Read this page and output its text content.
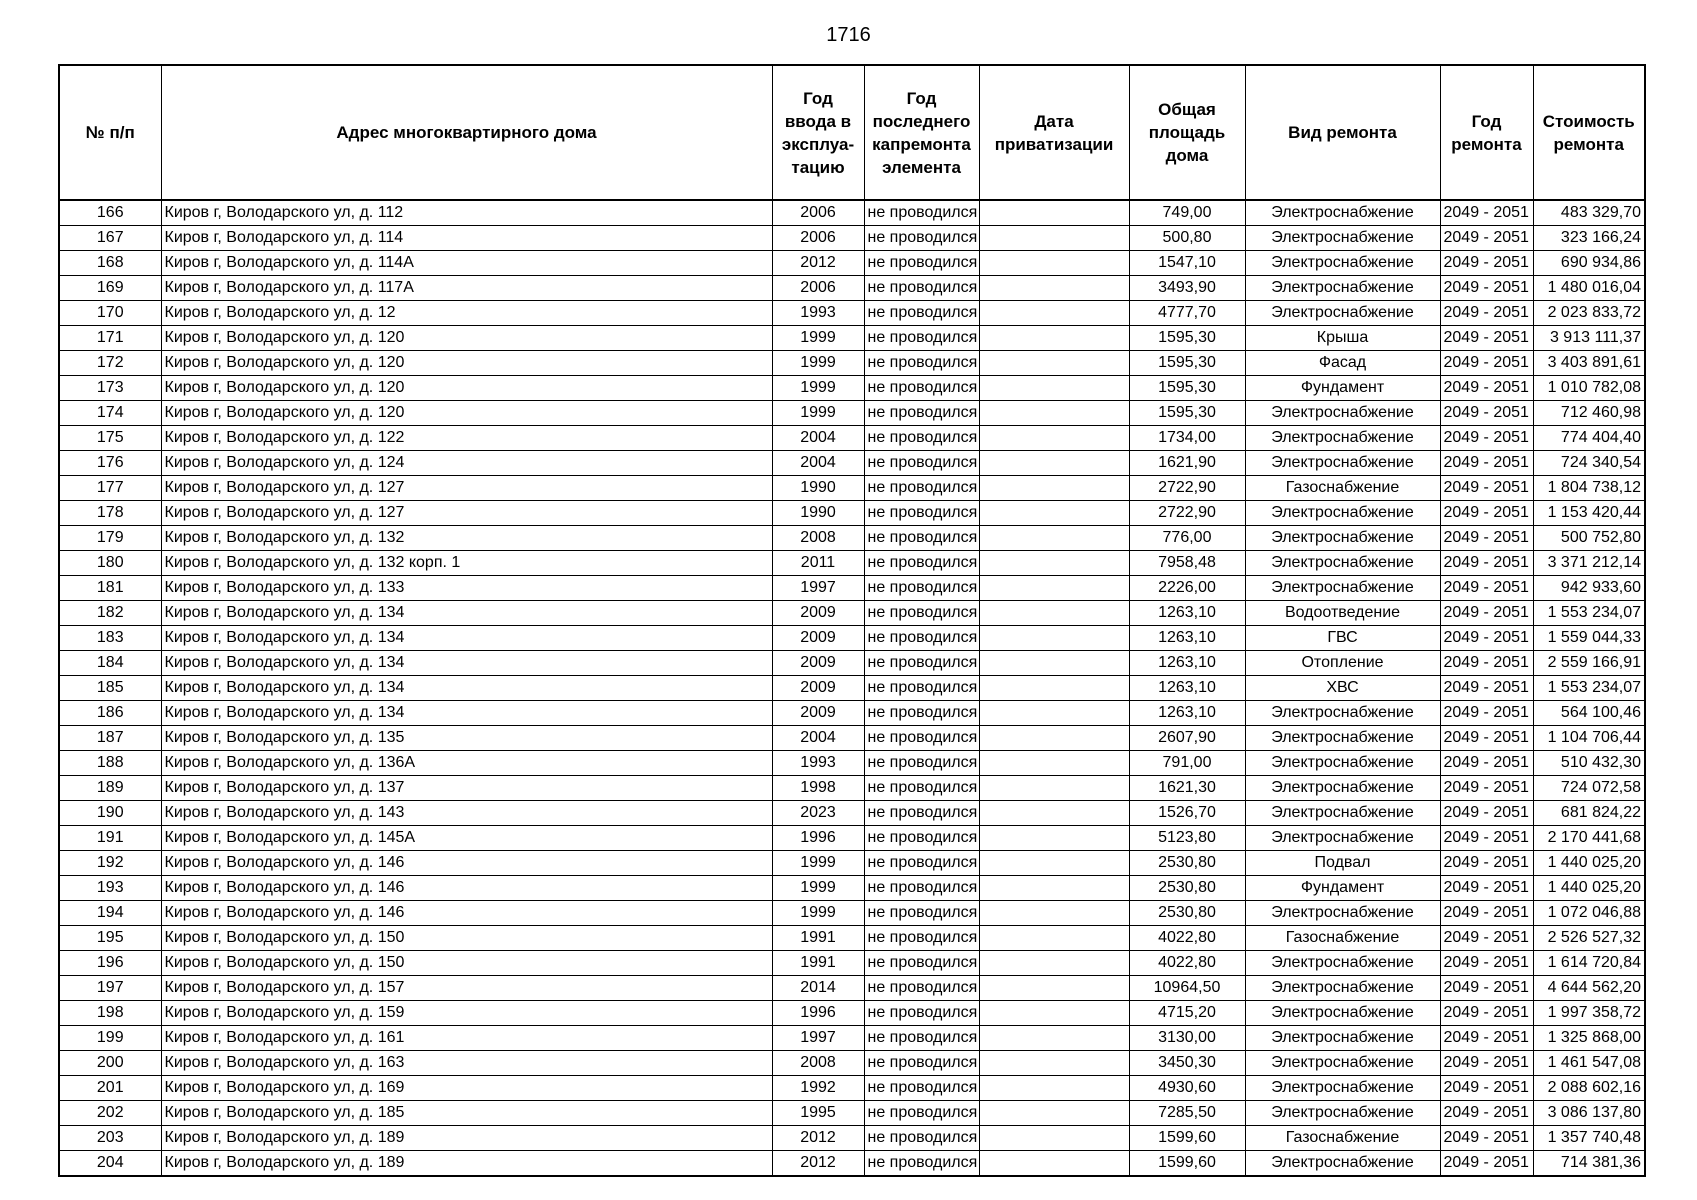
1716
№ п/п	Адрес многоквартирного дома	Год ввода в эксплуа-тацию	Год последнего капремонта элемента	Дата приватизации	Общая площадь дома	Вид ремонта	Год ремонта	Стоимость ремонта
166	Киров г, Володарского ул, д. 112	2006	не проводился		749,00	Электроснабжение	2049 - 2051	483 329,70
167	Киров г, Володарского ул, д. 114	2006	не проводился		500,80	Электроснабжение	2049 - 2051	323 166,24
168	Киров г, Володарского ул, д. 114А	2012	не проводился		1547,10	Электроснабжение	2049 - 2051	690 934,86
169	Киров г, Володарского ул, д. 117А	2006	не проводился		3493,90	Электроснабжение	2049 - 2051	1 480 016,04
170	Киров г, Володарского ул, д. 12	1993	не проводился		4777,70	Электроснабжение	2049 - 2051	2 023 833,72
171	Киров г, Володарского ул, д. 120	1999	не проводился		1595,30	Крыша	2049 - 2051	3 913 111,37
172	Киров г, Володарского ул, д. 120	1999	не проводился		1595,30	Фасад	2049 - 2051	3 403 891,61
173	Киров г, Володарского ул, д. 120	1999	не проводился		1595,30	Фундамент	2049 - 2051	1 010 782,08
174	Киров г, Володарского ул, д. 120	1999	не проводился		1595,30	Электроснабжение	2049 - 2051	712 460,98
175	Киров г, Володарского ул, д. 122	2004	не проводился		1734,00	Электроснабжение	2049 - 2051	774 404,40
176	Киров г, Володарского ул, д. 124	2004	не проводился		1621,90	Электроснабжение	2049 - 2051	724 340,54
177	Киров г, Володарского ул, д. 127	1990	не проводился		2722,90	Газоснабжение	2049 - 2051	1 804 738,12
178	Киров г, Володарского ул, д. 127	1990	не проводился		2722,90	Электроснабжение	2049 - 2051	1 153 420,44
179	Киров г, Володарского ул, д. 132	2008	не проводился		776,00	Электроснабжение	2049 - 2051	500 752,80
180	Киров г, Володарского ул, д. 132 корп. 1	2011	не проводился		7958,48	Электроснабжение	2049 - 2051	3 371 212,14
181	Киров г, Володарского ул, д. 133	1997	не проводился		2226,00	Электроснабжение	2049 - 2051	942 933,60
182	Киров г, Володарского ул, д. 134	2009	не проводился		1263,10	Водоотведение	2049 - 2051	1 553 234,07
183	Киров г, Володарского ул, д. 134	2009	не проводился		1263,10	ГВС	2049 - 2051	1 559 044,33
184	Киров г, Володарского ул, д. 134	2009	не проводился		1263,10	Отопление	2049 - 2051	2 559 166,91
185	Киров г, Володарского ул, д. 134	2009	не проводился		1263,10	ХВС	2049 - 2051	1 553 234,07
186	Киров г, Володарского ул, д. 134	2009	не проводился		1263,10	Электроснабжение	2049 - 2051	564 100,46
187	Киров г, Володарского ул, д. 135	2004	не проводился		2607,90	Электроснабжение	2049 - 2051	1 104 706,44
188	Киров г, Володарского ул, д. 136А	1993	не проводился		791,00	Электроснабжение	2049 - 2051	510 432,30
189	Киров г, Володарского ул, д. 137	1998	не проводился		1621,30	Электроснабжение	2049 - 2051	724 072,58
190	Киров г, Володарского ул, д. 143	2023	не проводился		1526,70	Электроснабжение	2049 - 2051	681 824,22
191	Киров г, Володарского ул, д. 145А	1996	не проводился		5123,80	Электроснабжение	2049 - 2051	2 170 441,68
192	Киров г, Володарского ул, д. 146	1999	не проводился		2530,80	Подвал	2049 - 2051	1 440 025,20
193	Киров г, Володарского ул, д. 146	1999	не проводился		2530,80	Фундамент	2049 - 2051	1 440 025,20
194	Киров г, Володарского ул, д. 146	1999	не проводился		2530,80	Электроснабжение	2049 - 2051	1 072 046,88
195	Киров г, Володарского ул, д. 150	1991	не проводился		4022,80	Газоснабжение	2049 - 2051	2 526 527,32
196	Киров г, Володарского ул, д. 150	1991	не проводился		4022,80	Электроснабжение	2049 - 2051	1 614 720,84
197	Киров г, Володарского ул, д. 157	2014	не проводился		10964,50	Электроснабжение	2049 - 2051	4 644 562,20
198	Киров г, Володарского ул, д. 159	1996	не проводился		4715,20	Электроснабжение	2049 - 2051	1 997 358,72
199	Киров г, Володарского ул, д. 161	1997	не проводился		3130,00	Электроснабжение	2049 - 2051	1 325 868,00
200	Киров г, Володарского ул, д. 163	2008	не проводился		3450,30	Электроснабжение	2049 - 2051	1 461 547,08
201	Киров г, Володарского ул, д. 169	1992	не проводился		4930,60	Электроснабжение	2049 - 2051	2 088 602,16
202	Киров г, Володарского ул, д. 185	1995	не проводился		7285,50	Электроснабжение	2049 - 2051	3 086 137,80
203	Киров г, Володарского ул, д. 189	2012	не проводился		1599,60	Газоснабжение	2049 - 2051	1 357 740,48
204	Киров г, Володарского ул, д. 189	2012	не проводился		1599,60	Электроснабжение	2049 - 2051	714 381,36
